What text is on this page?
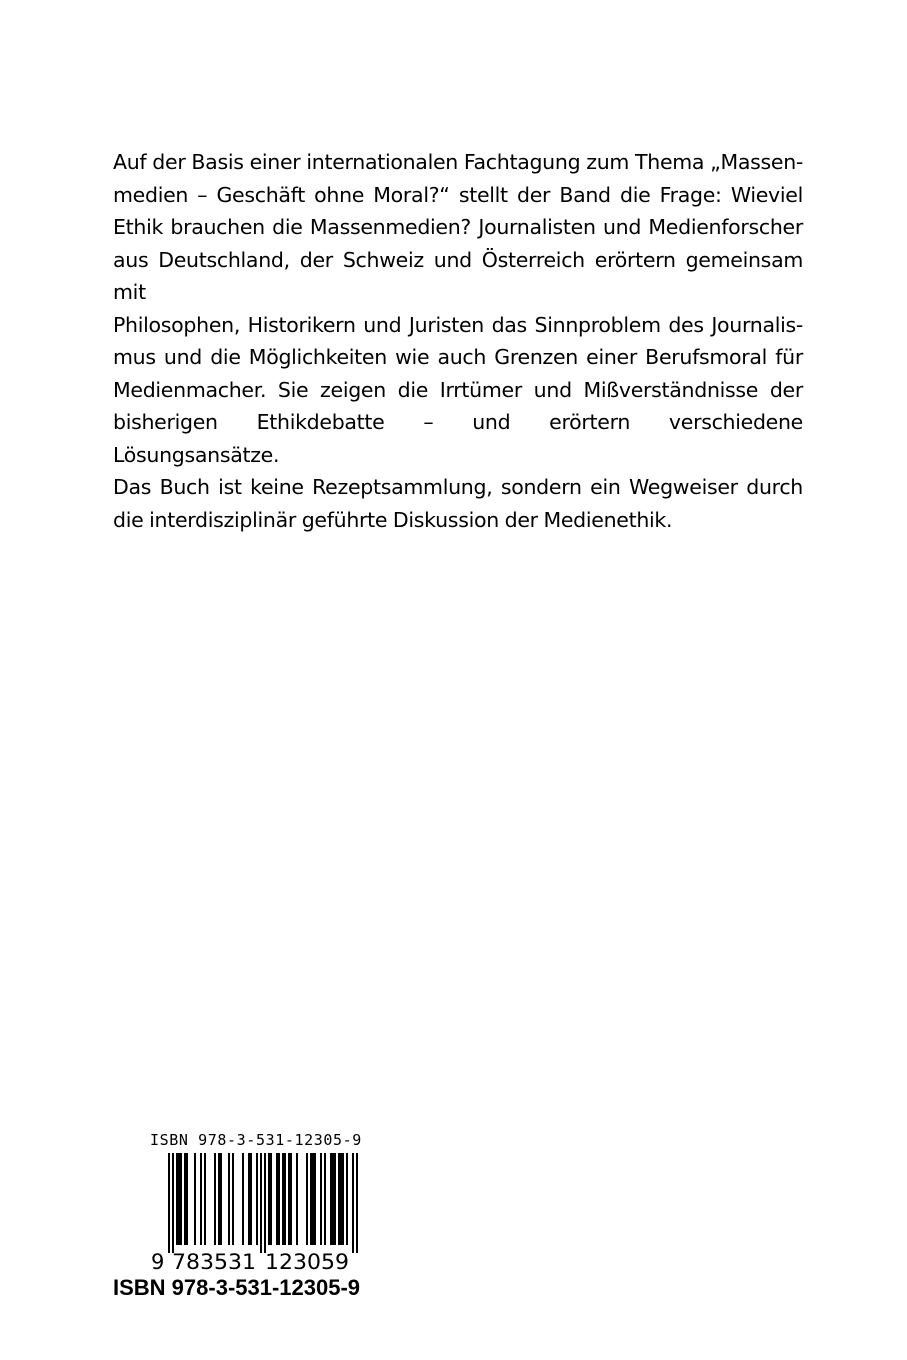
Auf der Basis einer internationalen Fachtagung zum Thema „Massen-
medien – Geschäft ohne Moral?“ stellt der Band die Frage: Wieviel
Ethik brauchen die Massenmedien? Journalisten und Medienforscher
aus Deutschland, der Schweiz und Österreich erörtern gemeinsam mit
Philosophen, Historikern und Juristen das Sinnproblem des Journalis-
mus und die Möglichkeiten wie auch Grenzen einer Berufsmoral für
Medienmacher. Sie zeigen die Irrtümer und Mißverständnisse der
bisherigen Ethikdebatte – und erörtern verschiedene Lösungsansätze.
Das Buch ist keine Rezeptsammlung, sondern ein Wegweiser durch
die interdisziplinär geführte Diskussion der Medienethik.
ISBN 978-3-531-12305-9
9 783531 123059
ISBN 978-3-531-12305-9
